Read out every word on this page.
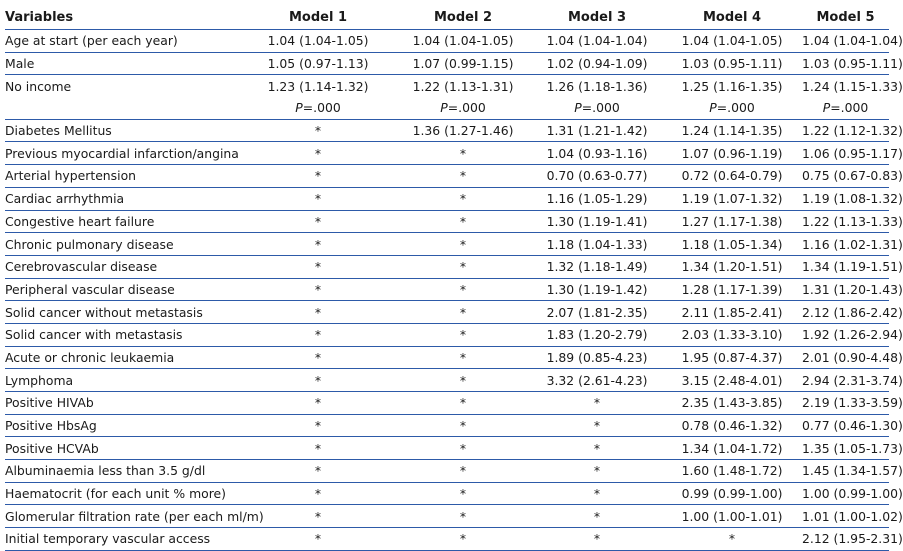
Variables	Model 1	Model 2	Model 3	Model 4	Model 5
Age at start (per each year)	1.04 (1.04-1.05)	1.04 (1.04-1.05)	1.04 (1.04-1.04)	1.04 (1.04-1.05)	1.04 (1.04-1.04)
Male	1.05 (0.97-1.13)	1.07 (0.99-1.15)	1.02 (0.94-1.09)	1.03 (0.95-1.11)	1.03 (0.95-1.11)
No income	1.23 (1.14-1.32)	1.22 (1.13-1.31)	1.26 (1.18-1.36)	1.25 (1.16-1.35)	1.24 (1.15-1.33)
	P=.000	P=.000	P=.000	P=.000	P=.000
Diabetes Mellitus	*	1.36 (1.27-1.46)	1.31 (1.21-1.42)	1.24 (1.14-1.35)	1.22 (1.12-1.32)
Previous myocardial infarction/angina	*	*	1.04 (0.93-1.16)	1.07 (0.96-1.19)	1.06 (0.95-1.17)
Arterial hypertension	*	*	0.70 (0.63-0.77)	0.72 (0.64-0.79)	0.75 (0.67-0.83)
Cardiac arrhythmia	*	*	1.16 (1.05-1.29)	1.19 (1.07-1.32)	1.19 (1.08-1.32)
Congestive heart failure	*	*	1.30 (1.19-1.41)	1.27 (1.17-1.38)	1.22 (1.13-1.33)
Chronic pulmonary disease	*	*	1.18 (1.04-1.33)	1.18 (1.05-1.34)	1.16 (1.02-1.31)
Cerebrovascular disease	*	*	1.32 (1.18-1.49)	1.34 (1.20-1.51)	1.34 (1.19-1.51)
Peripheral vascular disease	*	*	1.30 (1.19-1.42)	1.28 (1.17-1.39)	1.31 (1.20-1.43)
Solid cancer without metastasis	*	*	2.07 (1.81-2.35)	2.11 (1.85-2.41)	2.12 (1.86-2.42)
Solid cancer with metastasis	*	*	1.83 (1.20-2.79)	2.03 (1.33-3.10)	1.92 (1.26-2.94)
Acute or chronic leukaemia	*	*	1.89 (0.85-4.23)	1.95 (0.87-4.37)	2.01 (0.90-4.48)
Lymphoma	*	*	3.32 (2.61-4.23)	3.15 (2.48-4.01)	2.94 (2.31-3.74)
Positive HIVAb	*	*	*	2.35 (1.43-3.85)	2.19 (1.33-3.59)
Positive HbsAg	*	*	*	0.78 (0.46-1.32)	0.77 (0.46-1.30)
Positive HCVAb	*	*	*	1.34 (1.04-1.72)	1.35 (1.05-1.73)
Albuminaemia less than 3.5 g/dl	*	*	*	1.60 (1.48-1.72)	1.45 (1.34-1.57)
Haematocrit (for each unit % more)	*	*	*	0.99 (0.99-1.00)	1.00 (0.99-1.00)
Glomerular filtration rate (per each ml/m)	*	*	*	1.00 (1.00-1.01)	1.01 (1.00-1.02)
Initial temporary vascular access	*	*	*	*	2.12 (1.95-2.31)
